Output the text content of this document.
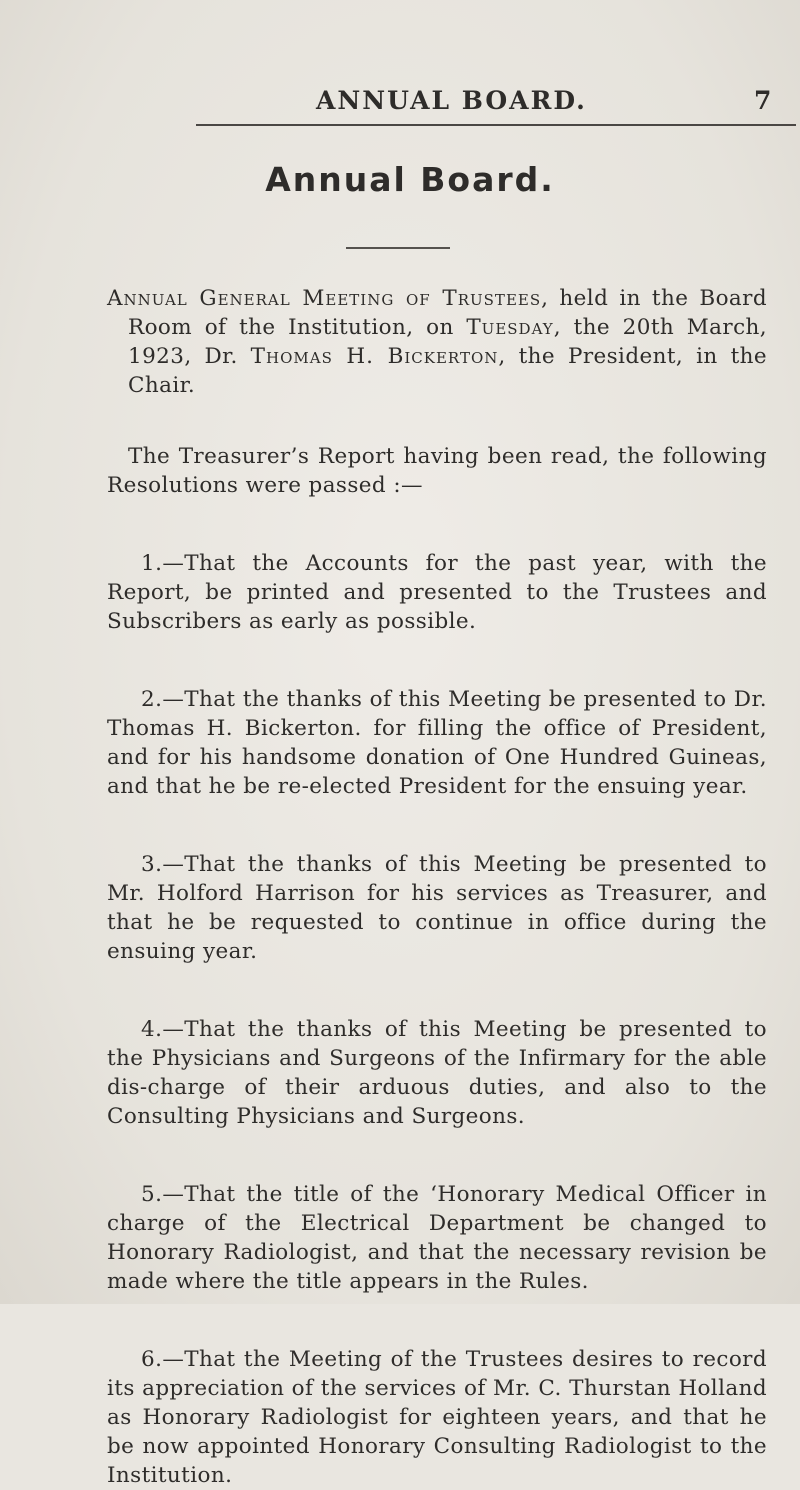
ANNUAL BOARD.	7
Annual Board.

Annual General Meeting of Trustees, held in the Board Room of the Institution, on Tuesday, the 20th March, 1923, Dr. Thomas H. Bickerton, the President, in the Chair.

The Treasurer’s Report having been read, the following Resolutions were passed :—

1.—That the Accounts for the past year, with the Report, be printed and presented to the Trustees and Subscribers as early as possible.

2.—That the thanks of this Meeting be presented to Dr. Thomas H. Bickerton. for filling the office of President, and for his handsome donation of One Hundred Guineas, and that he be re-elected President for the ensuing year.

3.—That the thanks of this Meeting be presented to Mr. Holford Harrison for his services as Treasurer, and that he be requested to continue in office during the ensuing year.

4.—That the thanks of this Meeting be presented to the Physicians and Surgeons of the Infirmary for the able dis-charge of their arduous duties, and also to the Consulting Physicians and Surgeons.

5.—That the title of the ‘Honorary Medical Officer in charge of the Electrical Department be changed to Honorary Radiologist, and that the necessary revision be made where the title appears in the Rules.

6.—That the Meeting of the Trustees desires to record its appreciation of the services of Mr. C. Thurstan Holland as Honorary Radiologist for eighteen years, and that he be now appointed Honorary Consulting Radiologist to the Institution.
